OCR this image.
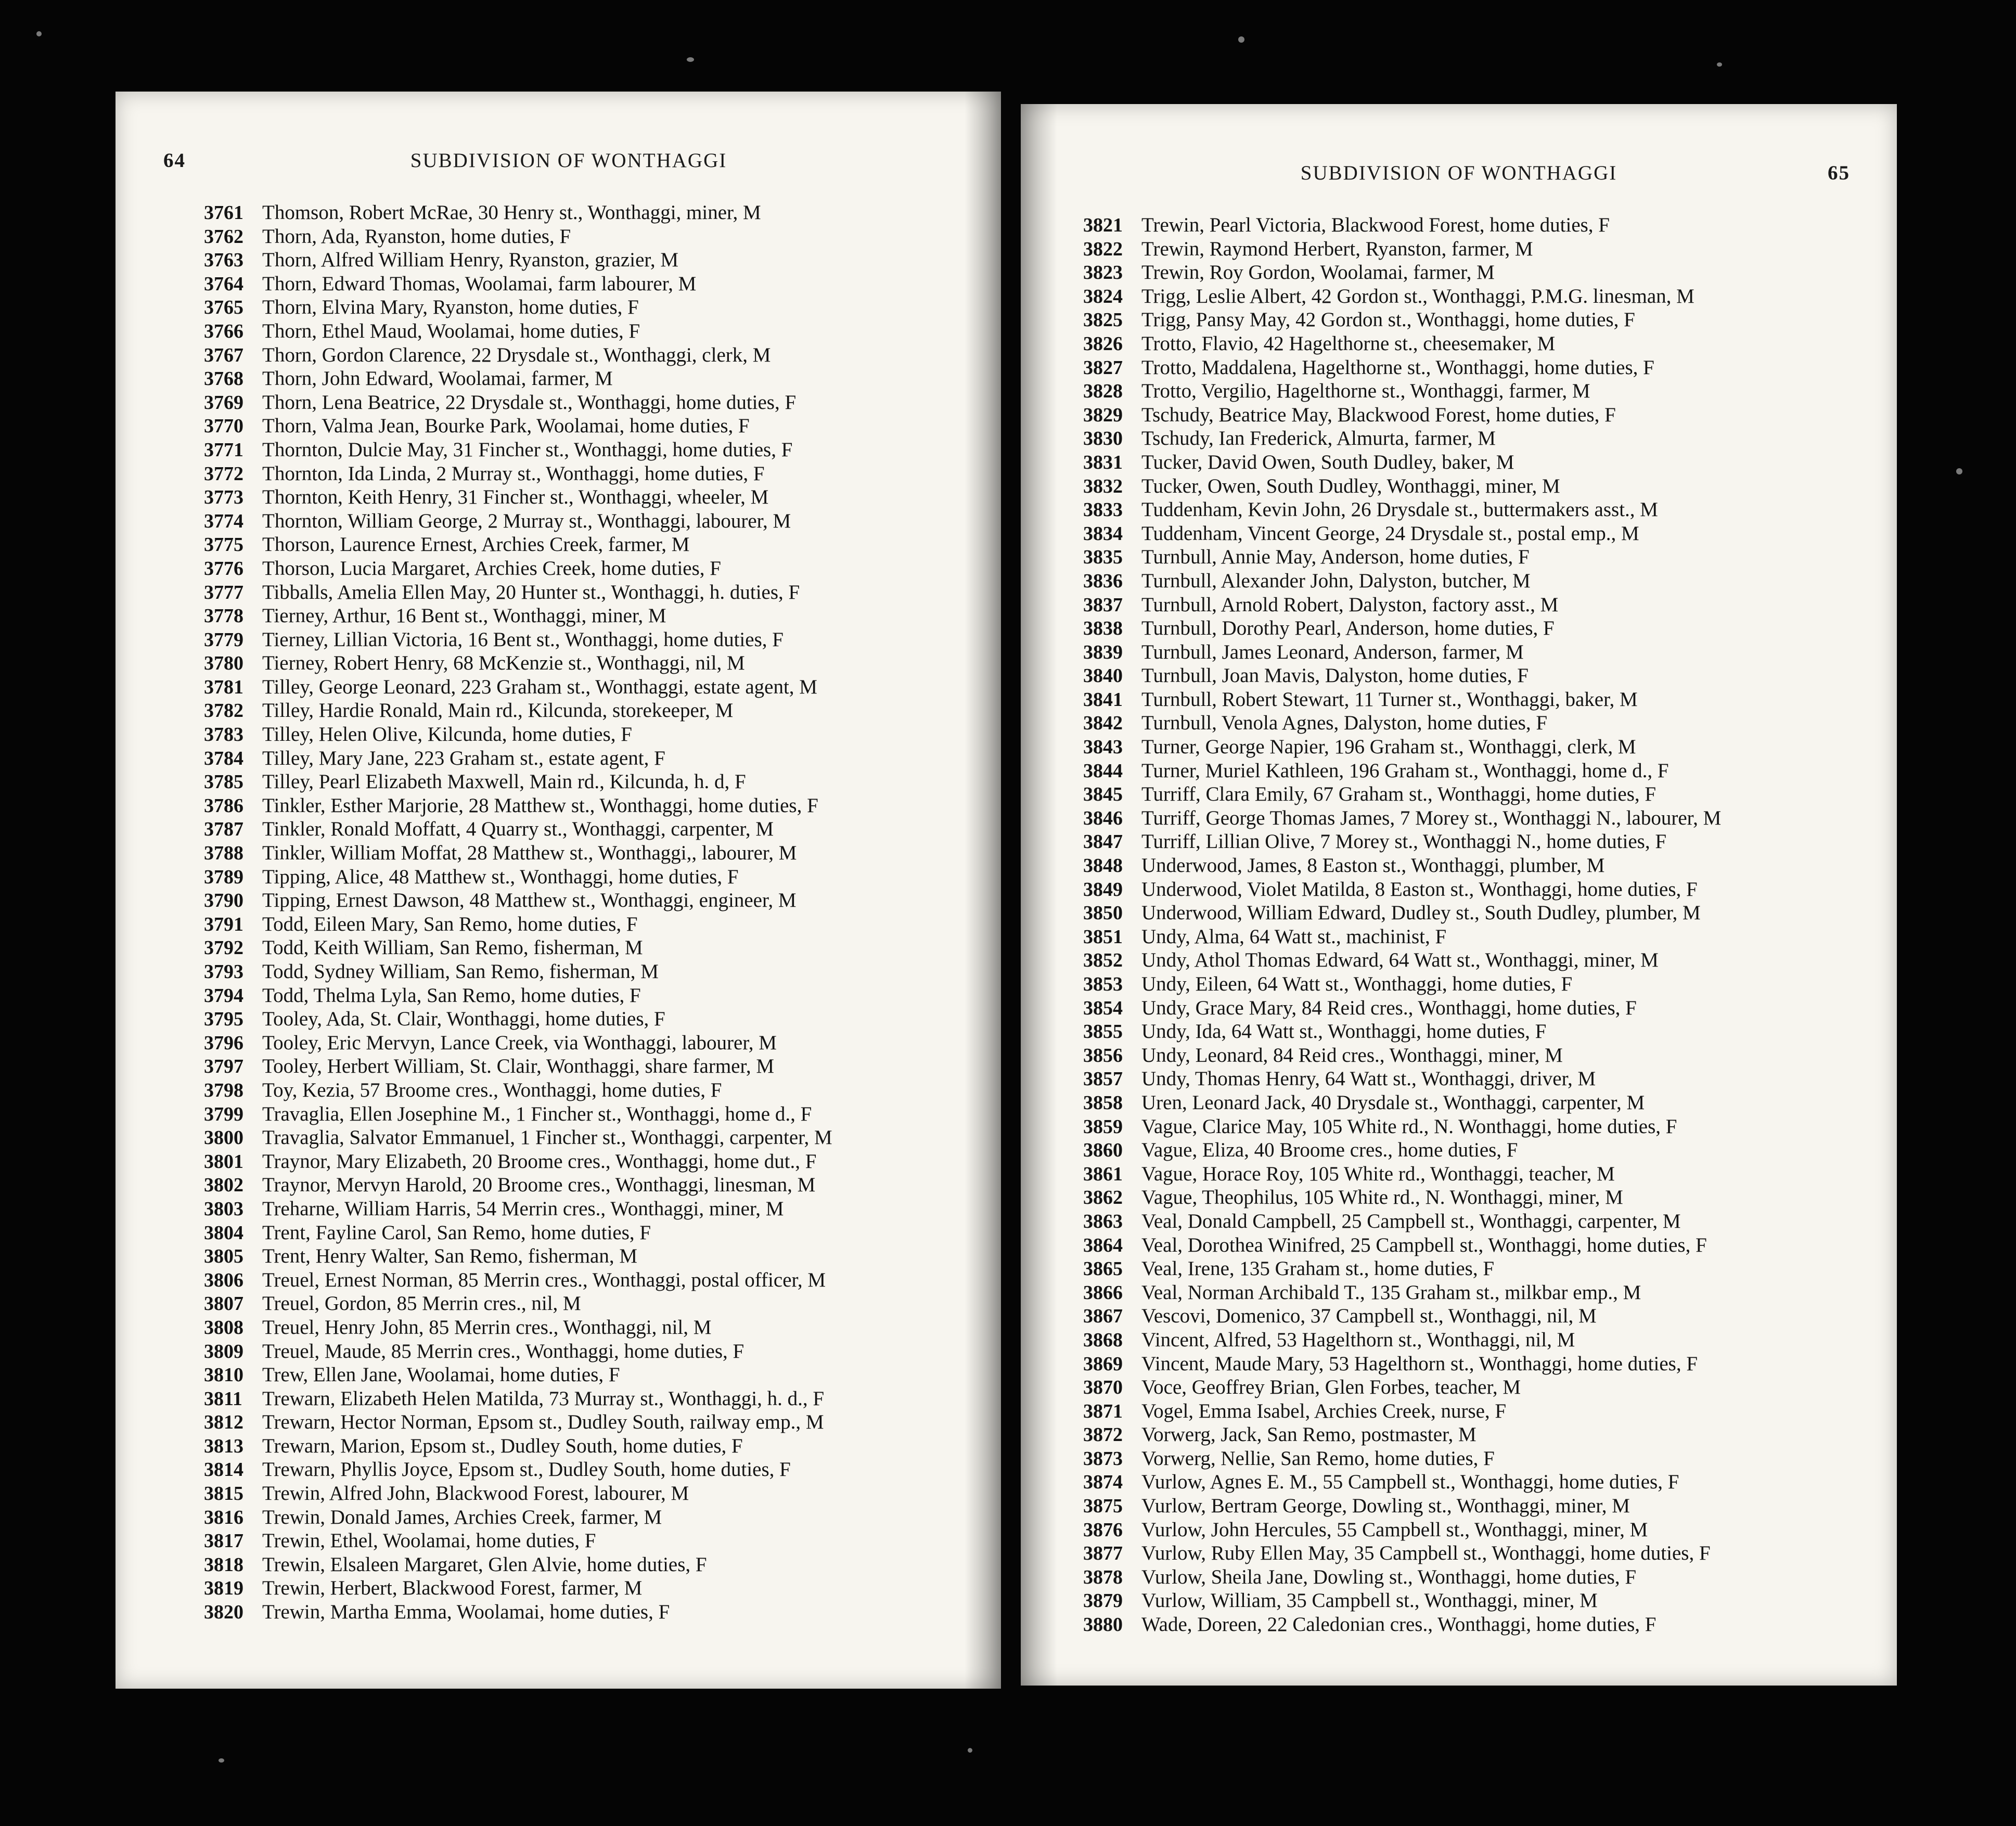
64	SUBDIVISION OF WONTHAGGI
3761 Thomson, Robert McRae, 30 Henry st., Wonthaggi, miner, M
3762 Thorn, Ada, Ryanston, home duties, F
3763 Thorn, Alfred William Henry, Ryanston, grazier, M
3764 Thorn, Edward Thomas, Woolamai, farm labourer, M
3765 Thorn, Elvina Mary, Ryanston, home duties, F
3766 Thorn, Ethel Maud, Woolamai, home duties, F
3767 Thorn, Gordon Clarence, 22 Drysdale st., Wonthaggi, clerk, M
3768 Thorn, John Edward, Woolamai, farmer, M
3769 Thorn, Lena Beatrice, 22 Drysdale st., Wonthaggi, home duties, F
3770 Thorn, Valma Jean, Bourke Park, Woolamai, home duties, F
3771 Thornton, Dulcie May, 31 Fincher st., Wonthaggi, home duties, F
3772 Thornton, Ida Linda, 2 Murray st., Wonthaggi, home duties, F
3773 Thornton, Keith Henry, 31 Fincher st., Wonthaggi, wheeler, M
3774 Thornton, William George, 2 Murray st., Wonthaggi, labourer, M
3775 Thorson, Laurence Ernest, Archies Creek, farmer, M
3776 Thorson, Lucia Margaret, Archies Creek, home duties, F
3777 Tibballs, Amelia Ellen May, 20 Hunter st., Wonthaggi, h. duties, F
3778 Tierney, Arthur, 16 Bent st., Wonthaggi, miner, M
3779 Tierney, Lillian Victoria, 16 Bent st., Wonthaggi, home duties, F
3780 Tierney, Robert Henry, 68 McKenzie st., Wonthaggi, nil, M
3781 Tilley, George Leonard, 223 Graham st., Wonthaggi, estate agent, M
3782 Tilley, Hardie Ronald, Main rd., Kilcunda, storekeeper, M
3783 Tilley, Helen Olive, Kilcunda, home duties, F
3784 Tilley, Mary Jane, 223 Graham st., estate agent, F
3785 Tilley, Pearl Elizabeth Maxwell, Main rd., Kilcunda, h. d, F
3786 Tinkler, Esther Marjorie, 28 Matthew st., Wonthaggi, home duties, F
3787 Tinkler, Ronald Moffatt, 4 Quarry st., Wonthaggi, carpenter, M
3788 Tinkler, William Moffat, 28 Matthew st., Wonthaggi,, labourer, M
3789 Tipping, Alice, 48 Matthew st., Wonthaggi, home duties, F
3790 Tipping, Ernest Dawson, 48 Matthew st., Wonthaggi, engineer, M
3791 Todd, Eileen Mary, San Remo, home duties, F
3792 Todd, Keith William, San Remo, fisherman, M
3793 Todd, Sydney William, San Remo, fisherman, M
3794 Todd, Thelma Lyla, San Remo, home duties, F
3795 Tooley, Ada, St. Clair, Wonthaggi, home duties, F
3796 Tooley, Eric Mervyn, Lance Creek, via Wonthaggi, labourer, M
3797 Tooley, Herbert William, St. Clair, Wonthaggi, share farmer, M
3798 Toy, Kezia, 57 Broome cres., Wonthaggi, home duties, F
3799 Travaglia, Ellen Josephine M., 1 Fincher st., Wonthaggi, home d., F
3800 Travaglia, Salvator Emmanuel, 1 Fincher st., Wonthaggi, carpenter, M
3801 Traynor, Mary Elizabeth, 20 Broome cres., Wonthaggi, home dut., F
3802 Traynor, Mervyn Harold, 20 Broome cres., Wonthaggi, linesman, M
3803 Treharne, William Harris, 54 Merrin cres., Wonthaggi, miner, M
3804 Trent, Fayline Carol, San Remo, home duties, F
3805 Trent, Henry Walter, San Remo, fisherman, M
3806 Treuel, Ernest Norman, 85 Merrin cres., Wonthaggi, postal officer, M
3807 Treuel, Gordon, 85 Merrin cres., nil, M
3808 Treuel, Henry John, 85 Merrin cres., Wonthaggi, nil, M
3809 Treuel, Maude, 85 Merrin cres., Wonthaggi, home duties, F
3810 Trew, Ellen Jane, Woolamai, home duties, F
3811 Trewarn, Elizabeth Helen Matilda, 73 Murray st., Wonthaggi, h. d., F
3812 Trewarn, Hector Norman, Epsom st., Dudley South, railway emp., M
3813 Trewarn, Marion, Epsom st., Dudley South, home duties, F
3814 Trewarn, Phyllis Joyce, Epsom st., Dudley South, home duties, F
3815 Trewin, Alfred John, Blackwood Forest, labourer, M
3816 Trewin, Donald James, Archies Creek, farmer, M
3817 Trewin, Ethel, Woolamai, home duties, F
3818 Trewin, Elsaleen Margaret, Glen Alvie, home duties, F
3819 Trewin, Herbert, Blackwood Forest, farmer, M
3820 Trewin, Martha Emma, Woolamai, home duties, F
SUBDIVISION OF WONTHAGGI	65
3821 Trewin, Pearl Victoria, Blackwood Forest, home duties, F
3822 Trewin, Raymond Herbert, Ryanston, farmer, M
3823 Trewin, Roy Gordon, Woolamai, farmer, M
3824 Trigg, Leslie Albert, 42 Gordon st., Wonthaggi, P.M.G. linesman, M
3825 Trigg, Pansy May, 42 Gordon st., Wonthaggi, home duties, F
3826 Trotto, Flavio, 42 Hagelthorne st., cheesemaker, M
3827 Trotto, Maddalena, Hagelthorne st., Wonthaggi, home duties, F
3828 Trotto, Vergilio, Hagelthorne st., Wonthaggi, farmer, M
3829 Tschudy, Beatrice May, Blackwood Forest, home duties, F
3830 Tschudy, Ian Frederick, Almurta, farmer, M
3831 Tucker, David Owen, South Dudley, baker, M
3832 Tucker, Owen, South Dudley, Wonthaggi, miner, M
3833 Tuddenham, Kevin John, 26 Drysdale st., buttermakers asst., M
3834 Tuddenham, Vincent George, 24 Drysdale st., postal emp., M
3835 Turnbull, Annie May, Anderson, home duties, F
3836 Turnbull, Alexander John, Dalyston, butcher, M
3837 Turnbull, Arnold Robert, Dalyston, factory asst., M
3838 Turnbull, Dorothy Pearl, Anderson, home duties, F
3839 Turnbull, James Leonard, Anderson, farmer, M
3840 Turnbull, Joan Mavis, Dalyston, home duties, F
3841 Turnbull, Robert Stewart, 11 Turner st., Wonthaggi, baker, M
3842 Turnbull, Venola Agnes, Dalyston, home duties, F
3843 Turner, George Napier, 196 Graham st., Wonthaggi, clerk, M
3844 Turner, Muriel Kathleen, 196 Graham st., Wonthaggi, home d., F
3845 Turriff, Clara Emily, 67 Graham st., Wonthaggi, home duties, F
3846 Turriff, George Thomas James, 7 Morey st., Wonthaggi N., labourer, M
3847 Turriff, Lillian Olive, 7 Morey st., Wonthaggi N., home duties, F
3848 Underwood, James, 8 Easton st., Wonthaggi, plumber, M
3849 Underwood, Violet Matilda, 8 Easton st., Wonthaggi, home duties, F
3850 Underwood, William Edward, Dudley st., South Dudley, plumber, M
3851 Undy, Alma, 64 Watt st., machinist, F
3852 Undy, Athol Thomas Edward, 64 Watt st., Wonthaggi, miner, M
3853 Undy, Eileen, 64 Watt st., Wonthaggi, home duties, F
3854 Undy, Grace Mary, 84 Reid cres., Wonthaggi, home duties, F
3855 Undy, Ida, 64 Watt st., Wonthaggi, home duties, F
3856 Undy, Leonard, 84 Reid cres., Wonthaggi, miner, M
3857 Undy, Thomas Henry, 64 Watt st., Wonthaggi, driver, M
3858 Uren, Leonard Jack, 40 Drysdale st., Wonthaggi, carpenter, M
3859 Vague, Clarice May, 105 White rd., N. Wonthaggi, home duties, F
3860 Vague, Eliza, 40 Broome cres., home duties, F
3861 Vague, Horace Roy, 105 White rd., Wonthaggi, teacher, M
3862 Vague, Theophilus, 105 White rd., N. Wonthaggi, miner, M
3863 Veal, Donald Campbell, 25 Campbell st., Wonthaggi, carpenter, M
3864 Veal, Dorothea Winifred, 25 Campbell st., Wonthaggi, home duties, F
3865 Veal, Irene, 135 Graham st., home duties, F
3866 Veal, Norman Archibald T., 135 Graham st., milkbar emp., M
3867 Vescovi, Domenico, 37 Campbell st., Wonthaggi, nil, M
3868 Vincent, Alfred, 53 Hagelthorn st., Wonthaggi, nil, M
3869 Vincent, Maude Mary, 53 Hagelthorn st., Wonthaggi, home duties, F
3870 Voce, Geoffrey Brian, Glen Forbes, teacher, M
3871 Vogel, Emma Isabel, Archies Creek, nurse, F
3872 Vorwerg, Jack, San Remo, postmaster, M
3873 Vorwerg, Nellie, San Remo, home duties, F
3874 Vurlow, Agnes E. M., 55 Campbell st., Wonthaggi, home duties, F
3875 Vurlow, Bertram George, Dowling st., Wonthaggi, miner, M
3876 Vurlow, John Hercules, 55 Campbell st., Wonthaggi, miner, M
3877 Vurlow, Ruby Ellen May, 35 Campbell st., Wonthaggi, home duties, F
3878 Vurlow, Sheila Jane, Dowling st., Wonthaggi, home duties, F
3879 Vurlow, William, 35 Campbell st., Wonthaggi, miner, M
3880 Wade, Doreen, 22 Caledonian cres., Wonthaggi, home duties, F
